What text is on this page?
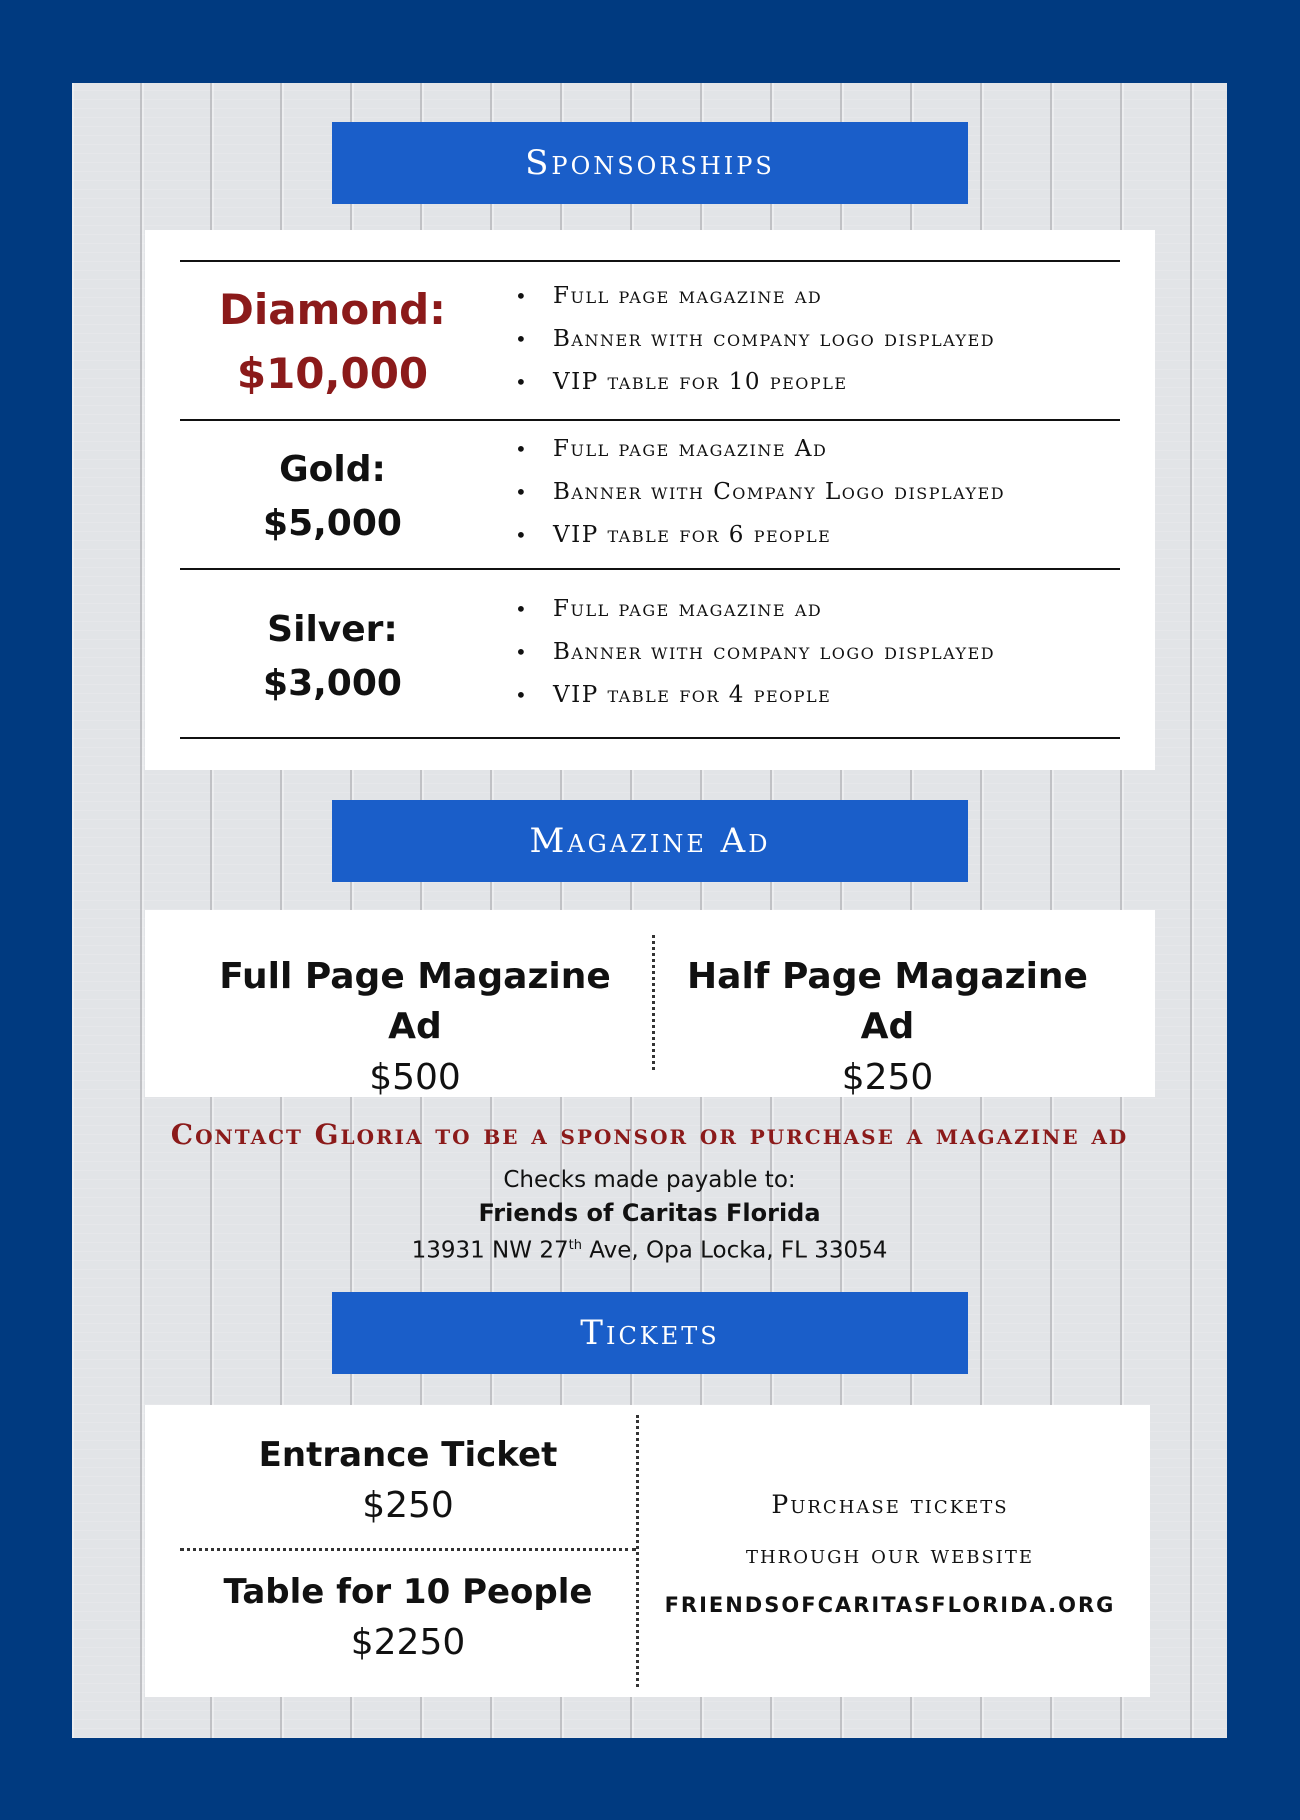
Sponsorships
Diamond:
$10,000
• Full page magazine ad
• Banner with company logo displayed
• VIP table for 10 people
Gold:
$5,000
• Full page magazine Ad
• Banner with Company Logo displayed
• VIP table for 6 people
Silver:
$3,000
• Full page magazine ad
• Banner with company logo displayed
• VIP table for 4 people
Magazine Ad
Full Page Magazine Ad
$500
Half Page Magazine Ad
$250
Contact Gloria to be a sponsor or purchase a magazine ad
Checks made payable to:
Friends of Caritas Florida
13931 NW 27th Ave, Opa Locka, FL 33054
Tickets
Entrance Ticket
$250
Table for 10 People
$2250
Purchase tickets
through our website
FRIENDSOFCARITASFLORIDA.ORG
